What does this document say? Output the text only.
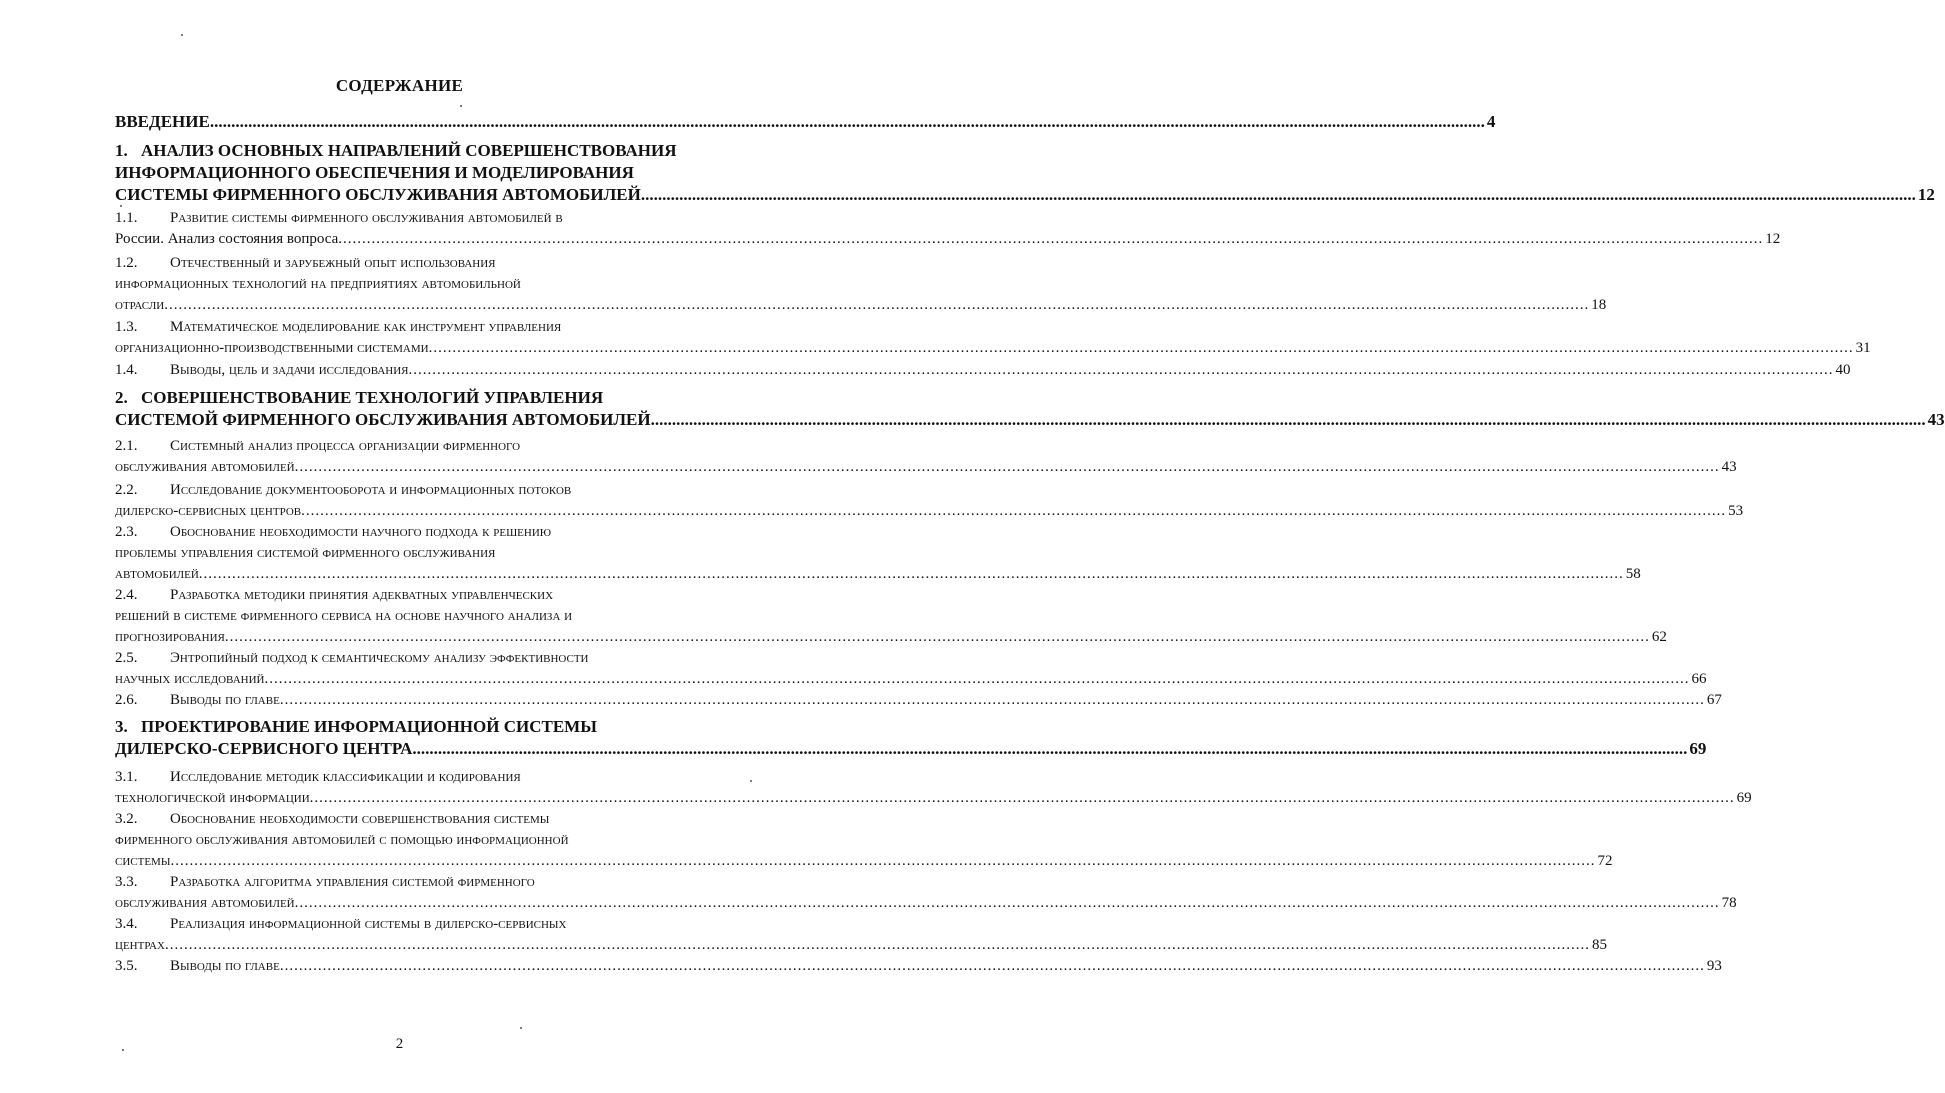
СОДЕРЖАНИЕ
ВВЕДЕНИЕ ............................................................................................................................................................................................................................................................................................................ 4
1. АНАЛИЗ ОСНОВНЫХ НАПРАВЛЕНИЙ СОВЕРШЕНСТВОВАНИЯ
ИНФОРМАЦИОННОГО ОБЕСПЕЧЕНИЯ И МОДЕЛИРОВАНИЯ
СИСТЕМЫ ФИРМЕННОГО ОБСЛУЖИВАНИЯ АВТОМОБИЛЕЙ ............................................................................................................................................................................................................................................................................................................ 12
1.1. Развитие системы фирменного обслуживания автомобилей в
России. Анализ состояния вопроса ............................................................................................................................................................................................................................................................................................................ 12
1.2. Отечественный и зарубежный опыт использования
информационных технологий на предприятиях автомобильной
отрасли ............................................................................................................................................................................................................................................................................................................ 18
1.3. Математическое моделирование как инструмент управления
организационно-производственными системами ............................................................................................................................................................................................................................................................................................................ 31
1.4. Выводы, цель и задачи исследования ............................................................................................................................................................................................................................................................................................................ 40
2. СОВЕРШЕНСТВОВАНИЕ ТЕХНОЛОГИЙ УПРАВЛЕНИЯ
СИСТЕМОЙ ФИРМЕННОГО ОБСЛУЖИВАНИЯ АВТОМОБИЛЕЙ ............................................................................................................................................................................................................................................................................................................ 43
2.1. Системный анализ процесса организации фирменного
обслуживания автомобилей ............................................................................................................................................................................................................................................................................................................ 43
2.2. Исследование документооборота и информационных потоков
дилерско-сервисных центров ............................................................................................................................................................................................................................................................................................................ 53
2.3. Обоснование необходимости научного подхода к решению
проблемы управления системой фирменного обслуживания
автомобилей ............................................................................................................................................................................................................................................................................................................ 58
2.4. Разработка методики принятия адекватных управленческих
решений в системе фирменного сервиса на основе научного анализа и
прогнозирования ............................................................................................................................................................................................................................................................................................................ 62
2.5. Энтропийный подход к семантическому анализу эффективности
научных исследований ............................................................................................................................................................................................................................................................................................................ 66
2.6. Выводы по главе ............................................................................................................................................................................................................................................................................................................ 67
3. ПРОЕКТИРОВАНИЕ ИНФОРМАЦИОННОЙ СИСТЕМЫ
ДИЛЕРСКО-СЕРВИСНОГО ЦЕНТРА ............................................................................................................................................................................................................................................................................................................ 69
3.1. Исследование методик классификации и кодирования
технологической информации ............................................................................................................................................................................................................................................................................................................ 69
3.2. Обоснование необходимости совершенствования системы
фирменного обслуживания автомобилей с помощью информационной
системы ............................................................................................................................................................................................................................................................................................................ 72
3.3. Разработка алгоритма управления системой фирменного
обслуживания автомобилей ............................................................................................................................................................................................................................................................................................................ 78
3.4. Реализация информационной системы в дилерско-сервисных
центрах ............................................................................................................................................................................................................................................................................................................ 85
3.5. Выводы по главе ............................................................................................................................................................................................................................................................................................................ 93
2
